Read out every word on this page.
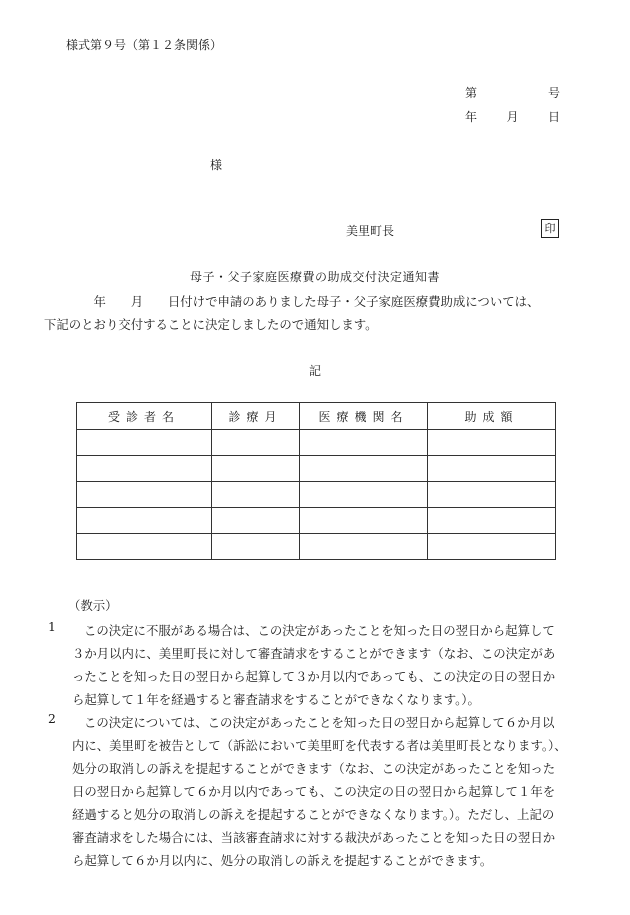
様式第９号（第１２条関係）
第	号
年 月 日
様
美里町長	印
母子・父子家庭医療費の助成交付決定通知書
　　　　年　　月　　日付けで申請のありました母子・父子家庭医療費助成については、
下記のとおり交付することに決定しましたので通知します。
記
受診者名	診療月	医療機関名	助成額

（教示）
1	この決定に不服がある場合は、この決定があったことを知った日の翌日から起算して
３か月以内に、美里町長に対して審査請求をすることができます（なお、この決定があ
ったことを知った日の翌日から起算して３か月以内であっても、この決定の日の翌日か
ら起算して１年を経過すると審査請求をすることができなくなります。）。
2	この決定については、この決定があったことを知った日の翌日から起算して６か月以
内に、美里町を被告として（訴訟において美里町を代表する者は美里町長となります。）、
処分の取消しの訴えを提起することができます（なお、この決定があったことを知った
日の翌日から起算して６か月以内であっても、この決定の日の翌日から起算して１年を
経過すると処分の取消しの訴えを提起することができなくなります。）。ただし、上記の
審査請求をした場合には、当該審査請求に対する裁決があったことを知った日の翌日か
ら起算して６か月以内に、処分の取消しの訴えを提起することができます。
